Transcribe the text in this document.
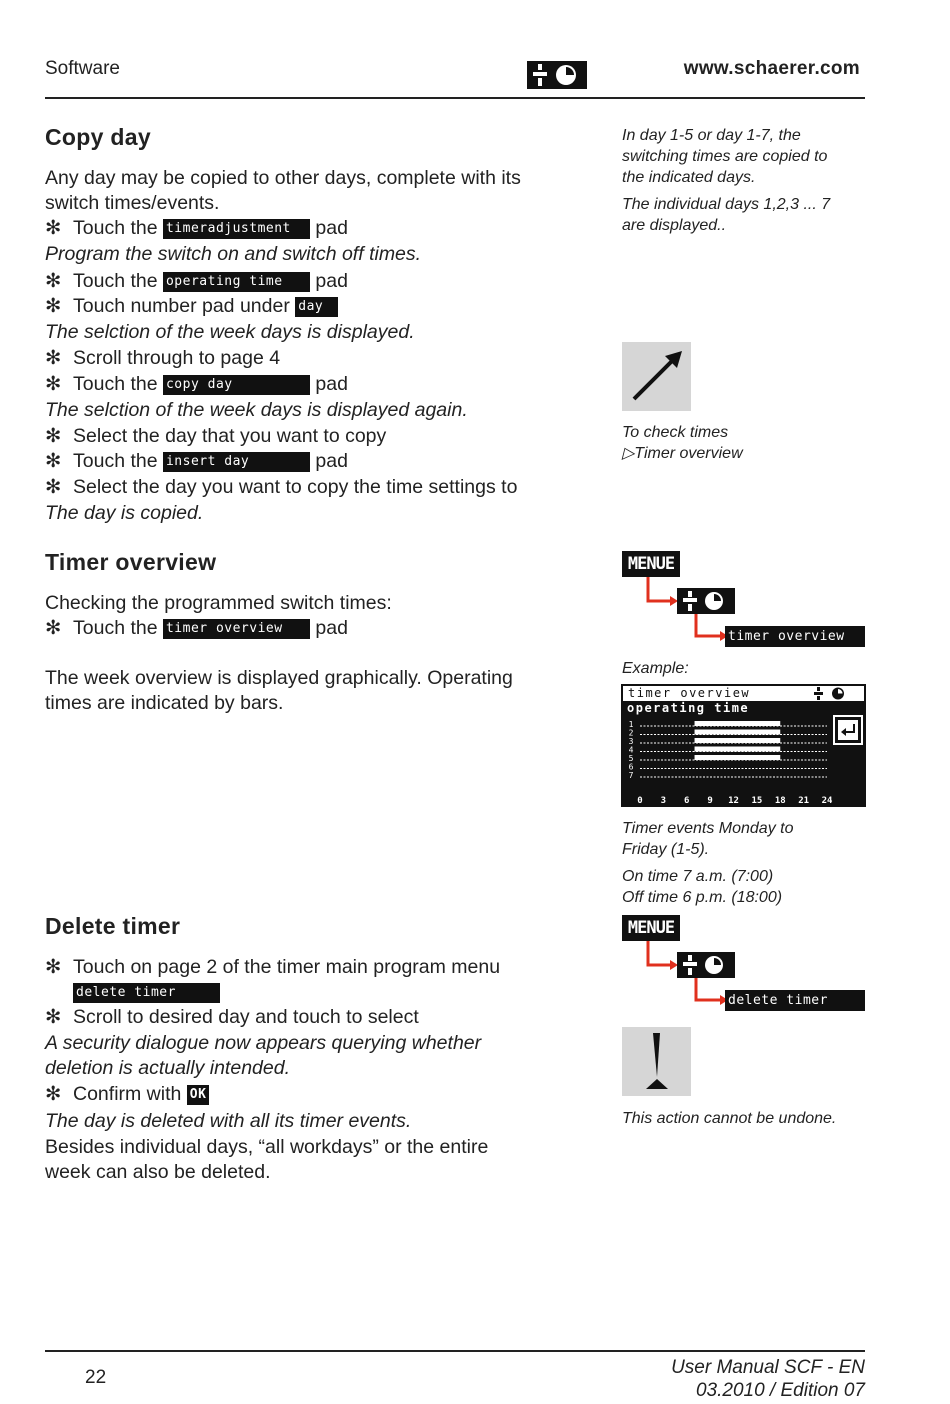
Software	www.schaerer.com
Copy day
Any day may be copied to other days, complete with its
switch times/events.
✻ Touch the timeradjustment pad
Program the switch on and switch off times.
✻ Touch the operating time pad
✻ Touch number pad under day
The selction of the week days is displayed.
✻ Scroll through to page 4
✻ Touch the copy day	pad
The selction of the week days is displayed again.
✻ Select the day that you want to copy
✻ Touch the insert day	pad
✻ Select the day you want to copy the time settings to
The day is copied.
In day 1-5 or day 1-7, the
switching times are copied to
the indicated days.
The individual days 1,2,3 ... 7
are displayed..
To check times
▷Timer overview
Timer overview
Checking the programmed switch times:
✻ Touch the timer overview pad
The week overview is displayed graphically. Operating
times are indicated by bars.
MENUE
timer overview
Example:
timer overview
operating time
1
2
3
4
5
6
7
0 3 6 9 12 15 18 21 24
Timer events Monday to
Friday (1-5).
On time 7 a.m. (7:00)
Off time 6 p.m. (18:00)
Delete timer
✻ Touch on page 2 of the timer main program menu
delete timer
✻ Scroll to desired day and touch to select
A security dialogue now appears querying whether
deletion is actually intended.
✻ Confirm with OK
The day is deleted with all its timer events.
Besides individual days, “all workdays” or the entire
week can also be deleted.
MENUE
delete timer
This action cannot be undone.
22	User Manual SCF - EN
03.2010 / Edition 07
